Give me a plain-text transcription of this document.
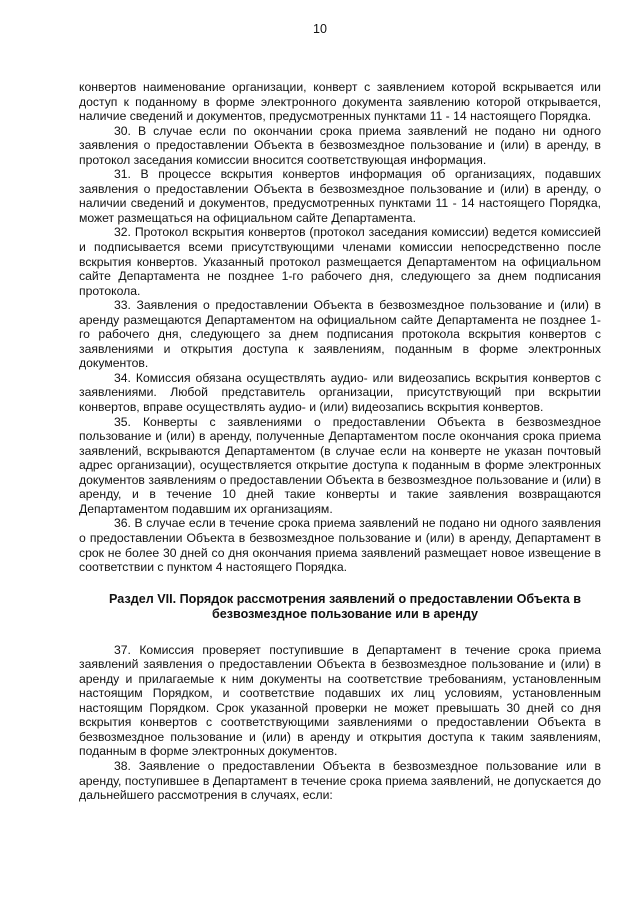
10

конвертов наименование организации, конверт с заявлением которой вскрывается или доступ к поданному в форме электронного документа заявлению которой открывается, наличие сведений и документов, предусмотренных пунктами 11 - 14 настоящего Порядка.

30. В случае если по окончании срока приема заявлений не подано ни одного заявления о предоставлении Объекта в безвозмездное пользование и (или) в аренду, в протокол заседания комиссии вносится соответствующая информация.

31. В процессе вскрытия конвертов информация об организациях, подавших заявления о предоставлении Объекта в безвозмездное пользование и (или) в аренду, о наличии сведений и документов, предусмотренных пунктами 11 - 14 настоящего Порядка, может размещаться на официальном сайте Департамента.

32. Протокол вскрытия конвертов (протокол заседания комиссии) ведется комиссией и подписывается всеми присутствующими членами комиссии непосредственно после вскрытия конвертов. Указанный протокол размещается Департаментом на официальном сайте Департамента не позднее 1-го рабочего дня, следующего за днем подписания протокола.

33. Заявления о предоставлении Объекта в безвозмездное пользование и (или) в аренду размещаются Департаментом на официальном сайте Департамента не позднее 1-го рабочего дня, следующего за днем подписания протокола вскрытия конвертов с заявлениями и открытия доступа к заявлениям, поданным в форме электронных документов.

34. Комиссия обязана осуществлять аудио- или видеозапись вскрытия конвертов с заявлениями. Любой представитель организации, присутствующий при вскрытии конвертов, вправе осуществлять аудио- и (или) видеозапись вскрытия конвертов.

35. Конверты с заявлениями о предоставлении Объекта в безвозмездное пользование и (или) в аренду, полученные Департаментом после окончания срока приема заявлений, вскрываются Департаментом (в случае если на конверте не указан почтовый адрес организации), осуществляется открытие доступа к поданным в форме электронных документов заявлениям о предоставлении Объекта в безвозмездное пользование и (или) в аренду, и в течение 10 дней такие конверты и такие заявления возвращаются Департаментом подавшим их организациям.

36. В случае если в течение срока приема заявлений не подано ни одного заявления о предоставлении Объекта в безвозмездное пользование и (или) в аренду, Департамент в срок не более 30 дней со дня окончания приема заявлений размещает новое извещение в соответствии с пунктом 4 настоящего Порядка.

Раздел VII. Порядок рассмотрения заявлений о предоставлении Объекта в
безвозмездное пользование или в аренду

37. Комиссия проверяет поступившие в Департамент в течение срока приема заявлений заявления о предоставлении Объекта в безвозмездное пользование и (или) в аренду и прилагаемые к ним документы на соответствие требованиям, установленным настоящим Порядком, и соответствие подавших их лиц условиям, установленным настоящим Порядком. Срок указанной проверки не может превышать 30 дней со дня вскрытия конвертов с соответствующими заявлениями о предоставлении Объекта в безвозмездное пользование и (или) в аренду и открытия доступа к таким заявлениям, поданным в форме электронных документов.

38. Заявление о предоставлении Объекта в безвозмездное пользование или в аренду, поступившее в Департамент в течение срока приема заявлений, не допускается до дальнейшего рассмотрения в случаях, если:
